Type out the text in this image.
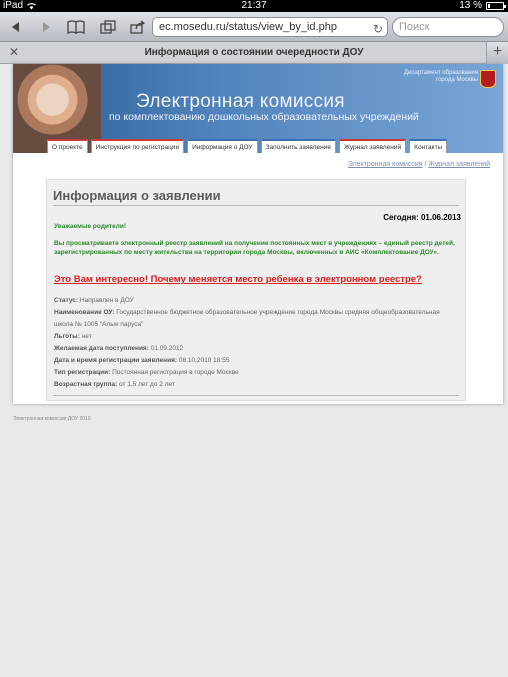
iPad	21:37	13 %
ec.mosedu.ru/status/view_by_id.php	↻	Поиск
✕	Информация о состоянии очередности ДОУ	+
Электронная комиссия
по комплектованию дошкольных образовательных учреждений
Департамент образования
города Москвы
О проекте	Инструкция по регистрации	Информация о ДОУ	Заполнить заявление	Журнал заявлений	Контакты
Электронная комиссия / Журнал заявлений
Информация о заявлении
Сегодня: 01.06.2013
Уважаемые родители!
Вы просматриваете электронный реестр заявлений на получение постоянных мест в учреждениях – единый реестр детей, зарегистрированных по месту жительства на территории города Москвы, включенных в АИС «Комплектование ДОУ».
Это Вам интересно! Почему меняется место ребенка в электронном реестре?
Статус: Направлен в ДОУ
Наименование ОУ: Государственное бюджетное образовательное учреждение города Москвы средняя общеобразовательная школа № 1005 "Алые паруса"
Льготы: нет
Желаемая дата поступления: 01.09.2012
Дата и время регистрации заявления: 08.10.2010 18:55
Тип регистрации: Постоянная регистрация в городе Москве
Возрастная группа: от 1,5 лет до 2 лет
Электронная комиссия ДОУ 2010
